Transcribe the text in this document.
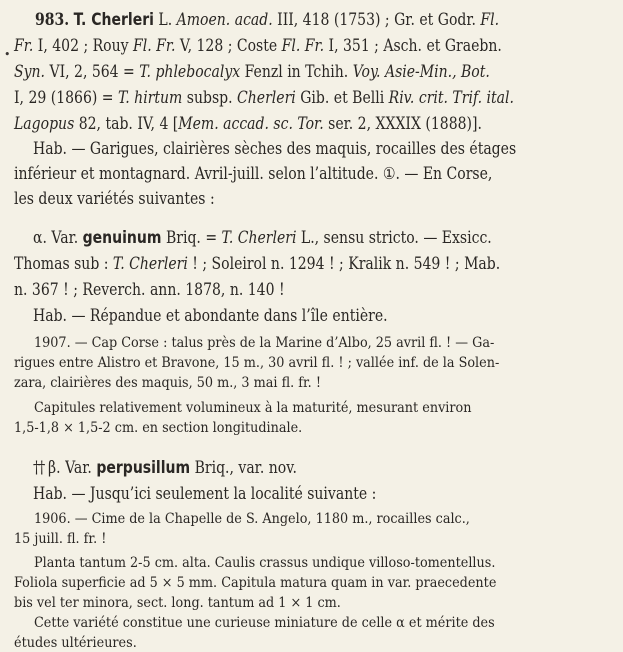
•

983. T. Cherleri L. Amoen. acad. III, 418 (1753) ; Gr. et Godr. Fl.

Fr. I, 402 ; Rouy Fl. Fr. V, 128 ; Coste Fl. Fr. I, 351 ; Asch. et Graebn.

Syn. VI, 2, 564 = T. phlebocalyx Fenzl in Tchih. Voy. Asie-Min., Bot.

I, 29 (1866) = T. hirtum subsp. Cherleri Gib. et Belli Riv. crit. Trif. ital.

Lagopus 82, tab. IV, 4 [Mem. accad. sc. Tor. ser. 2, XXXIX (1888)].

Hab. — Garigues, clairières sèches des maquis, rocailles des étages

inférieur et montagnard. Avril-juill. selon l’altitude. ①. — En Corse,

les deux variétés suivantes :

α. Var. genuinum Briq. = T. Cherleri L., sensu stricto. — Exsicc.

Thomas sub : T. Cherleri ! ; Soleirol n. 1294 ! ; Kralik n. 549 ! ; Mab.

n. 367 ! ; Reverch. ann. 1878, n. 140 !

Hab. — Répandue et abondante dans l’île entière.

1907. — Cap Corse : talus près de la Marine d’Albo, 25 avril fl. ! — Ga-

rigues entre Alistro et Bravone, 15 m., 30 avril fl. ! ; vallée inf. de la Solen-

zara, clairières des maquis, 50 m., 3 mai fl. fr. !

Capitules relativement volumineux à la maturité, mesurant environ

1,5-1,8 × 1,5-2 cm. en section longitudinale.

†† β. Var. perpusillum Briq., var. nov.

Hab. — Jusqu’ici seulement la localité suivante :

1906. — Cime de la Chapelle de S. Angelo, 1180 m., rocailles calc.,

15 juill. fl. fr. !

Planta tantum 2-5 cm. alta. Caulis crassus undique villoso-tomentellus.

Foliola superficie ad 5 × 5 mm. Capitula matura quam in var. praecedente

bis vel ter minora, sect. long. tantum ad 1 × 1 cm.

Cette variété constitue une curieuse miniature de celle α et mérite des

études ultérieures.
